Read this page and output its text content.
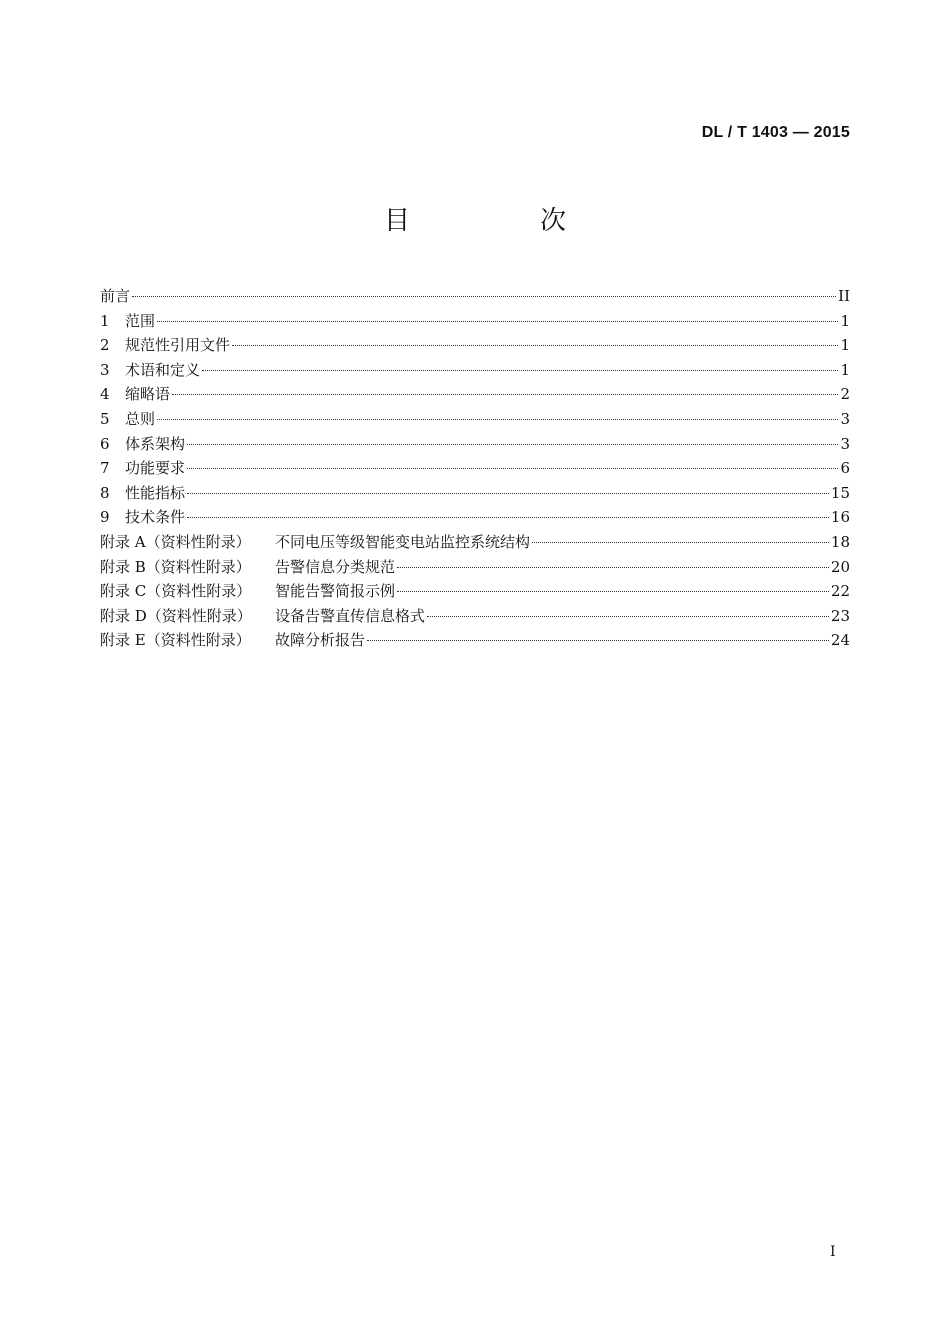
DL / T 1403 — 2015
目　次
前言	II
1	范围	1
2	规范性引用文件	1
3	术语和定义	1
4	缩略语	2
5	总则	3
6	体系架构	3
7	功能要求	6
8	性能指标	15
9	技术条件	16
附录 A（资料性附录）	不同电压等级智能变电站监控系统结构	18
附录 B（资料性附录）	告警信息分类规范	20
附录 C（资料性附录）	智能告警简报示例	22
附录 D（资料性附录）	设备告警直传信息格式	23
附录 E（资料性附录）	故障分析报告	24
I
